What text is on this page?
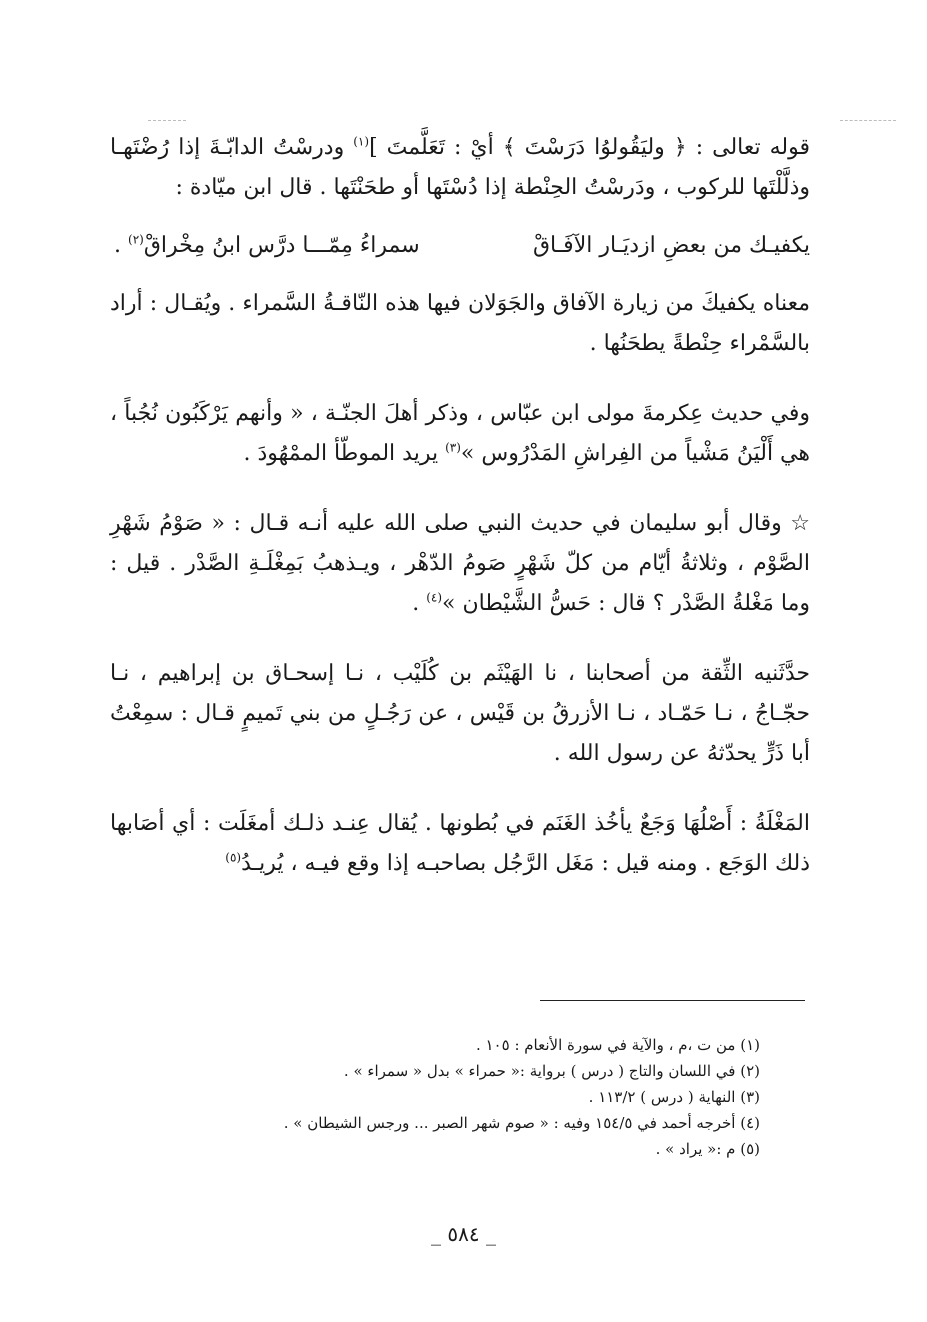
قوله تعالى : ﴿ وليَقُولوُا دَرَسْتَ ﴾ أيْ : تَعَلَّمتَ ]$^{(١)}$ ودرسْتُ الدابّـةَ إذا رُضْتَهـا وذلَّلْتَها للركوب ، ودَرسْتُ الحِنْطة إذا دُسْتَها أو طحَنْتَها . قال ابن ميّادة :

يكفيـك من بعضِ ازديَـار الآفَـاقْ
سمراءُ مِمّـــا درَّس ابنُ مِخْراقْ$^{(٢)}$ .

معناه يكفيكَ من زيارة الآفاق والجَوَلان فيها هذه النّاقـةُ السَّمراء . ويُقـال : أراد بالسَّمْراء حِنْطةً يطحَنُها .

وفي حديث عِكرمةَ مولى ابن عبّاس ، وذكر أهلَ الجنّـة ، « وأنهم يَرْكَبُون نُجُباً ، هي أَلْيَنُ مَشْياً من الفِراشِ المَدْرُوس »$^{(٣)}$ يريد الموطّأ الممْهُودَ .

☆ وقال أبو سليمان في حديث النبي صلى الله عليه أنـه قـال : « صَوْمُ شَهْرِ الصَّوْم ، وثلاثةُ أيّام من كلّ شَهْرٍ صَومُ الدّهْر ، ويـذهبُ بَمِغْلَـةِ الصَّدْر . قيل : وما مَغْلةُ الصَّدْر ؟ قال : حَسُّ الشَّيْطان »$^{(٤)}$ .

حدَّثَنيه الثِّقة من أصحابنا ، نا الهَيْثَم بن كُلَيْب ، نـا إسحـاق بن إبراهيم ، نـا حجّـاجُ ، نـا حَمّـاد ، نـا الأزرقُ بن قَيْس ، عن رَجُـلٍ من بني تَميمٍ قـال : سمِعْتُ أبا ذَرٍّ يحدّثهُ عن رسول الله .

المَغْلَةُ : أَصْلُهَا وَجَعٌ يأخُذ الغَنَم في بُطونها . يُقال عِنـد ذلـك أمغَلَت : أي أصَابها ذلك الوَجَع . ومنه قيل : مَغَل الرَّجُل بصاحبـه إذا وقع فيـه ، يُريـدُ$^{(٥)}$

(١) من ت ،م ، والآية في سورة الأنعام : ١٠٥ .
(٢) في اللسان والتاج ( درس ) برواية :« حمراء » بدل « سمراء » .
(٣) النهاية ( درس ) ١١٣/٢ .
(٤) أخرجه أحمد في ١٥٤/٥ وفيه : « صوم شهر الصبر ... ورجس الشيطان » .
(٥) م :« يراد » .
_ ٥٨٤ _
